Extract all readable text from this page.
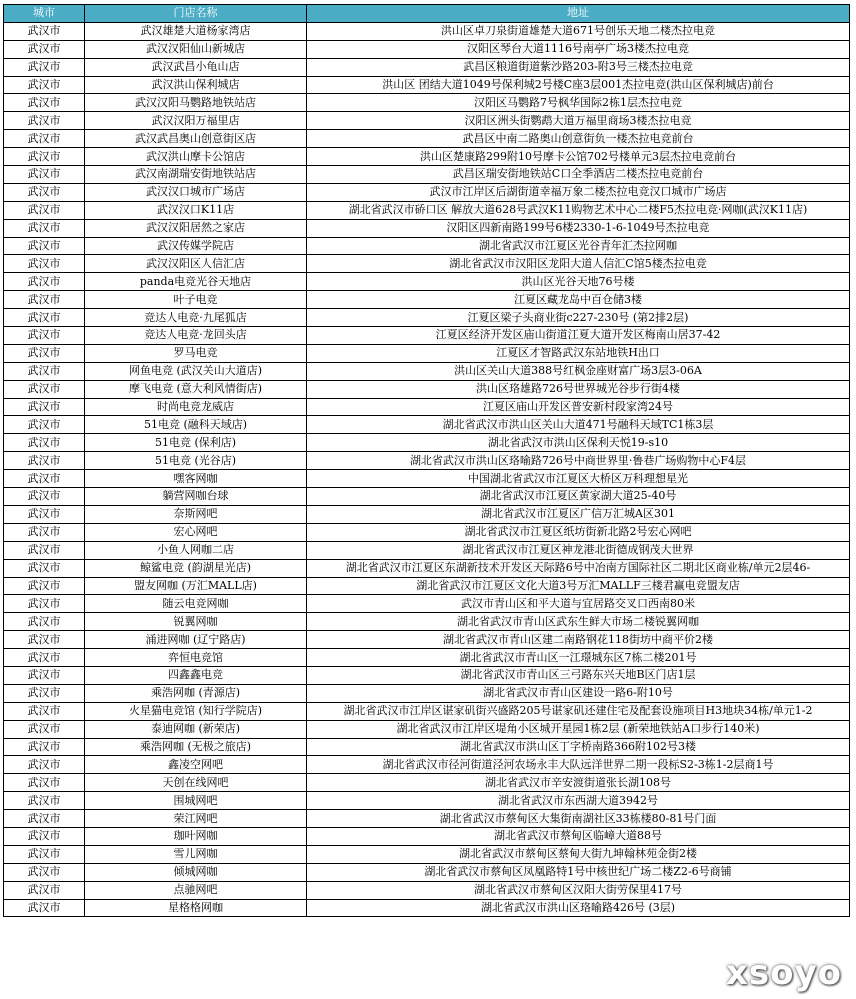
城市	门店名称	地址
武汉市	武汉雄楚大道杨家湾店	洪山区卓刀泉街道雄楚大道671号创乐天地二楼杰拉电竞
武汉市	武汉汉阳仙山新城店	汉阳区琴台大道1116号南亭广场3楼杰拉电竞
武汉市	武汉武昌小龟山店	武昌区粮道街道紫沙路203-附3号三楼杰拉电竞
武汉市	武汉洪山保利城店	洪山区 团结大道1049号保利城2号楼C座3层001杰拉电竞(洪山区保利城店)前台
武汉市	武汉汉阳马鹦路地铁站店	汉阳区马鹦路7号枫华国际2栋1层杰拉电竞
武汉市	武汉汉阳万福里店	汉阳区洲头街鹦鹉大道万福里商场3楼杰拉电竞
武汉市	武汉武昌奥山创意街区店	武昌区中南二路奥山创意街负一楼杰拉电竞前台
武汉市	武汉洪山摩卡公馆店	洪山区楚康路299附10号摩卡公馆702号楼单元3层杰拉电竞前台
武汉市	武汉南湖瑞安街地铁站店	武昌区瑞安街地铁站C口全季酒店二楼杰拉电竞前台
武汉市	武汉汉口城市广场店	武汉市江岸区后湖街道幸福万象二楼杰拉电竞汉口城市广场店
武汉市	武汉汉口K11店	湖北省武汉市硚口区 解放大道628号武汉K11购物艺术中心二楼F5杰拉电竞·网咖(武汉K11店)
武汉市	武汉汉阳居然之家店	汉阳区四新南路199号6楼2330-1-6-1049号杰拉电竞
武汉市	武汉传媒学院店	湖北省武汉市江夏区光谷青年汇杰拉网咖
武汉市	武汉汉阳区人信汇店	湖北省武汉市汉阳区龙阳大道人信汇C馆5楼杰拉电竞
武汉市	panda电竞光谷天地店	洪山区光谷天地76号楼
武汉市	叶子电竞	江夏区藏龙岛中百仓储3楼
武汉市	竞达人电竞·九尾狐店	江夏区梁子头商业街c227-230号 (第2排2层)
武汉市	竞达人电竞·龙回头店	江夏区经济开发区庙山街道江夏大道开发区梅南山居37-42
武汉市	罗马电竞	江夏区才智路武汉东站地铁H出口
武汉市	网鱼电竞 (武汉关山大道店)	洪山区关山大道388号红枫金座财富广场3层3-06A
武汉市	摩飞电竞 (意大利风情街店)	洪山区珞雄路726号世界城光谷步行街4楼
武汉市	时尚电竞龙威店	江夏区庙山开发区普安新村段家湾24号
武汉市	51电竞 (融科天域店)	湖北省武汉市洪山区关山大道471号融科天域TC1栋3层
武汉市	51电竞 (保利店)	湖北省武汉市洪山区保利天悦19-s10
武汉市	51电竞 (光谷店)	湖北省武汉市洪山区珞喻路726号中商世界里·鲁巷广场购物中心F4层
武汉市	嘿客网咖	中国湖北省武汉市江夏区大桥区万科理想星光
武汉市	躺营网咖台球	湖北省武汉市江夏区黄家湖大道25-40号
武汉市	奈斯网吧	湖北省武汉市江夏区广信万汇城A区301
武汉市	宏心网吧	湖北省武汉市江夏区纸坊街新北路2号宏心网吧
武汉市	小鱼人网咖二店	湖北省武汉市江夏区神龙港北街德成钢茂大世界
武汉市	鲸鲨电竞 (韵湖星光店)	湖北省武汉市江夏区东湖新技术开发区天际路6号中冶南方国际社区二期北区商业栋/单元2层46-
武汉市	盟友网咖 (万汇MALL店)	湖北省武汉市江夏区文化大道3号万汇MALLF三楼君赢电竞盟友店
武汉市	随云电竞网咖	武汉市青山区和平大道与宜居路交叉口西南80米
武汉市	锐翼网咖	湖北省武汉市青山区武东生鲜大市场二楼锐翼网咖
武汉市	涌进网咖 (辽宁路店)	湖北省武汉市青山区建二南路钢花118街坊中商平价2楼
武汉市	弈恒电竞馆	湖北省武汉市青山区一江璟城东区7栋二楼201号
武汉市	四鑫鑫电竞	湖北省武汉市青山区三弓路东兴天地B区门店1层
武汉市	乘浩网咖 (青源店)	湖北省武汉市青山区建设一路6-附10号
武汉市	火星猫电竞馆 (知行学院店)	湖北省武汉市江岸区谌家矶街兴盛路205号谌家矶还建住宅及配套设施项目H3地块34栋/单元1-2
武汉市	泰迪网咖 (新荣店)	湖北省武汉市江岸区堤角小区城开星园1栋2层 (新荣地铁站A口步行140米)
武汉市	乘浩网咖 (无极之旅店)	湖北省武汉市洪山区丁字桥南路366附102号3楼
武汉市	鑫凌空网吧	湖北省武汉市径河街道泾河农场永丰大队远洋世界二期一段标S2-3栋1-2层商1号
武汉市	天创在线网吧	湖北省武汉市辛安渡街道张长湖108号
武汉市	围城网吧	湖北省武汉市东西湖大道3942号
武汉市	荣江网吧	湖北省武汉市蔡甸区大集街南湖社区33栋楼80-81号门面
武汉市	珈叶网咖	湖北省武汉市蔡甸区临嶂大道88号
武汉市	雪儿网咖	湖北省武汉市蔡甸区蔡甸大街九坤翰林苑金街2楼
武汉市	倾城网咖	湖北省武汉市蔡甸区凤凰路特1号中核世纪广场二楼Z2-6号商铺
武汉市	点驰网吧	湖北省武汉市蔡甸区汉阳大街劳保里417号
武汉市	星格格网咖	湖北省武汉市洪山区珞喻路426号 (3层)
xsoyo
